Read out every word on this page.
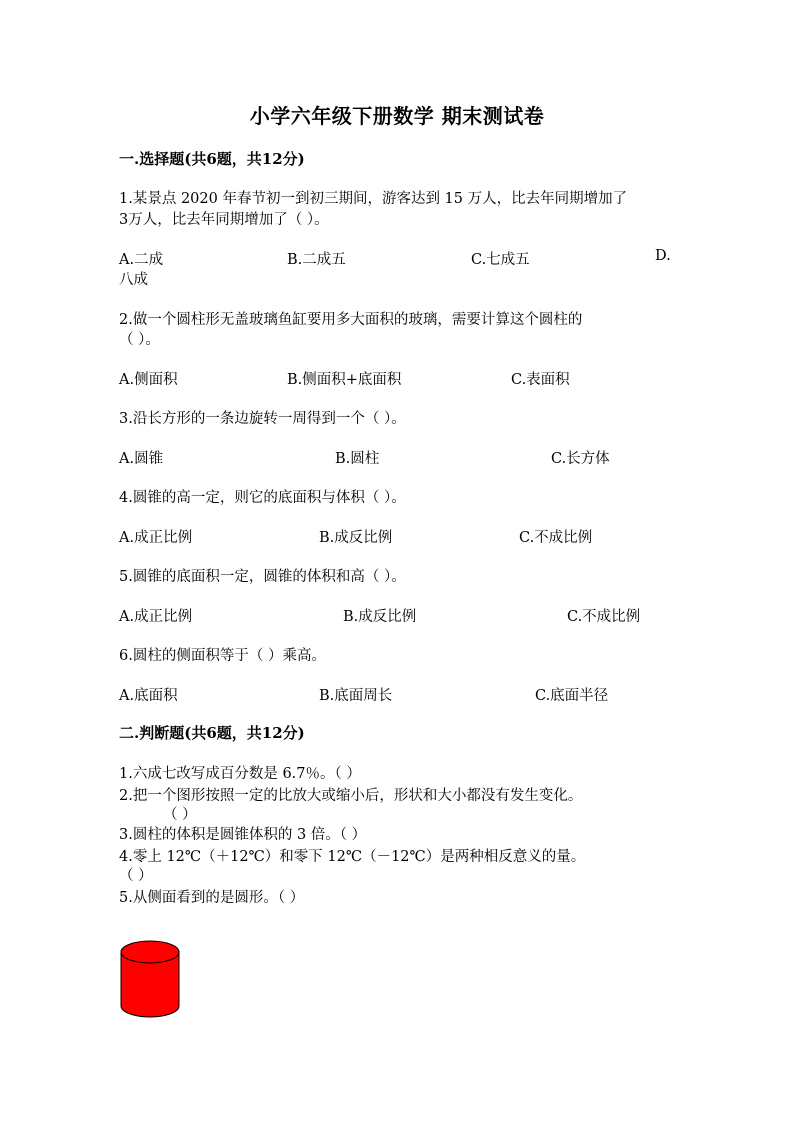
小学六年级下册数学 期末测试卷
一.选择题(共6题，共12分)
1.某景点 2020 年春节初一到初三期间，游客达到 15 万人，比去年同期增加了
3万人，比去年同期增加了（ ）。
A.二成	B.二成五	C.七成五	D.
八成
2.做一个圆柱形无盖玻璃鱼缸要用多大面积的玻璃，需要计算这个圆柱的
（ ）。
A.侧面积	B.侧面积+底面积	C.表面积
3.沿长方形的一条边旋转一周得到一个（ ）。
A.圆锥	B.圆柱	C.长方体
4.圆锥的高一定，则它的底面积与体积（ ）。
A.成正比例	B.成反比例	C.不成比例
5.圆锥的底面积一定，圆锥的体积和高（ ）。
A.成正比例	B.成反比例	C.不成比例
6.圆柱的侧面积等于（ ）乘高。
A.底面积	B.底面周长	C.底面半径
二.判断题(共6题，共12分)
1.六成七改写成百分数是 6.7％。（ ）
2.把一个图形按照一定的比放大或缩小后，形状和大小都没有发生变化。
（ ）
3.圆柱的体积是圆锥体积的 3 倍。（ ）
4.零上 12℃（＋12℃）和零下 12℃（－12℃）是两种相反意义的量。
（ ）
5.从侧面看到的是圆形。（ ）
